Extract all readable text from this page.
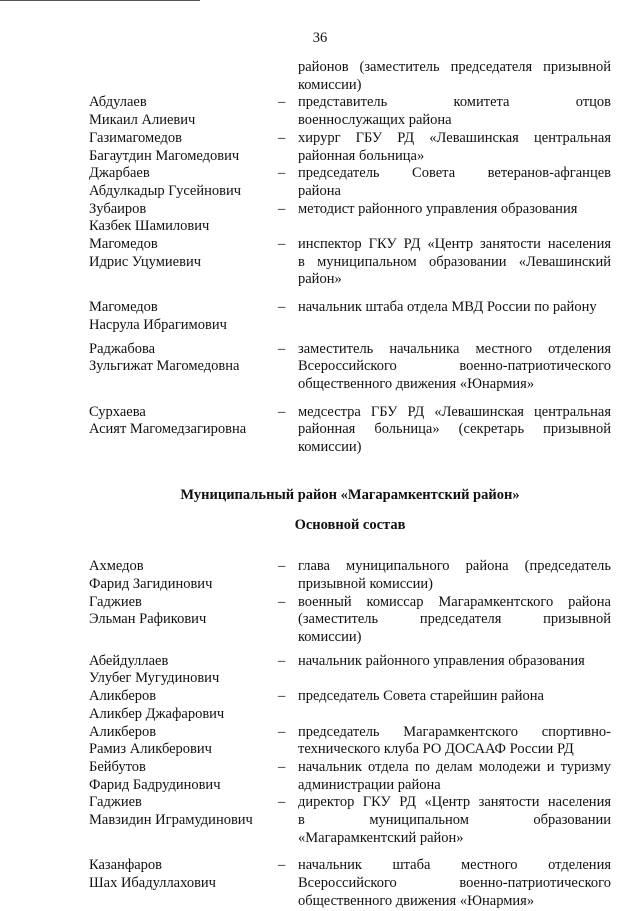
36
районов (заместитель председателя призывной
комиссии)
Абдулаев
Микаил Алиевич
– представитель комитета отцов
военнослужащих района
Газимагомедов
Багаутдин Магомедович
– хирург ГБУ РД «Левашинская центральная
районная больница»
Джарбаев
Абдулкадыр Гусейнович
– председатель Совета ветеранов-афганцев
района
Зубаиров
Казбек Шамилович
– методист районного управления образования
Магомедов
Идрис Уцумиевич
– инспектор ГКУ РД «Центр занятости населения
в муниципальном образовании «Левашинский
район»
Магомедов
Насрула Ибрагимович
– начальник штаба отдела МВД России по району
Раджабова
Зульгижат Магомедовна
– заместитель начальника местного отделения
Всероссийского военно-патриотического
общественного движения «Юнармия»
Сурхаева
Асият Магомедзагировна
– медсестра ГБУ РД «Левашинская центральная
районная больница» (секретарь призывной
комиссии)
Муниципальный район «Магарамкентский район»
Основной состав
Ахмедов
Фарид Загидинович
– глава муниципального района (председатель
призывной комиссии)
Гаджиев
Эльман Рафикович
– военный комиссар Магарамкентского района
(заместитель председателя призывной
комиссии)
Абейдуллаев
Улубег Мугудинович
– начальник районного управления образования
Аликберов
Аликбер Джафарович
– председатель Совета старейшин района
Аликберов
Рамиз Аликберович
– председатель Магарамкентского спортивно-
технического клуба РО ДОСААФ России РД
Бейбутов
Фарид Бадрудинович
– начальник отдела по делам молодежи и туризму
администрации района
Гаджиев
Мавзидин Играмудинович
– директор ГКУ РД «Центр занятости населения
в муниципальном образовании
«Магарамкентский район»
Казанфаров
Шах Ибадуллахович
– начальник штаба местного отделения
Всероссийского военно-патриотического
общественного движения «Юнармия»
